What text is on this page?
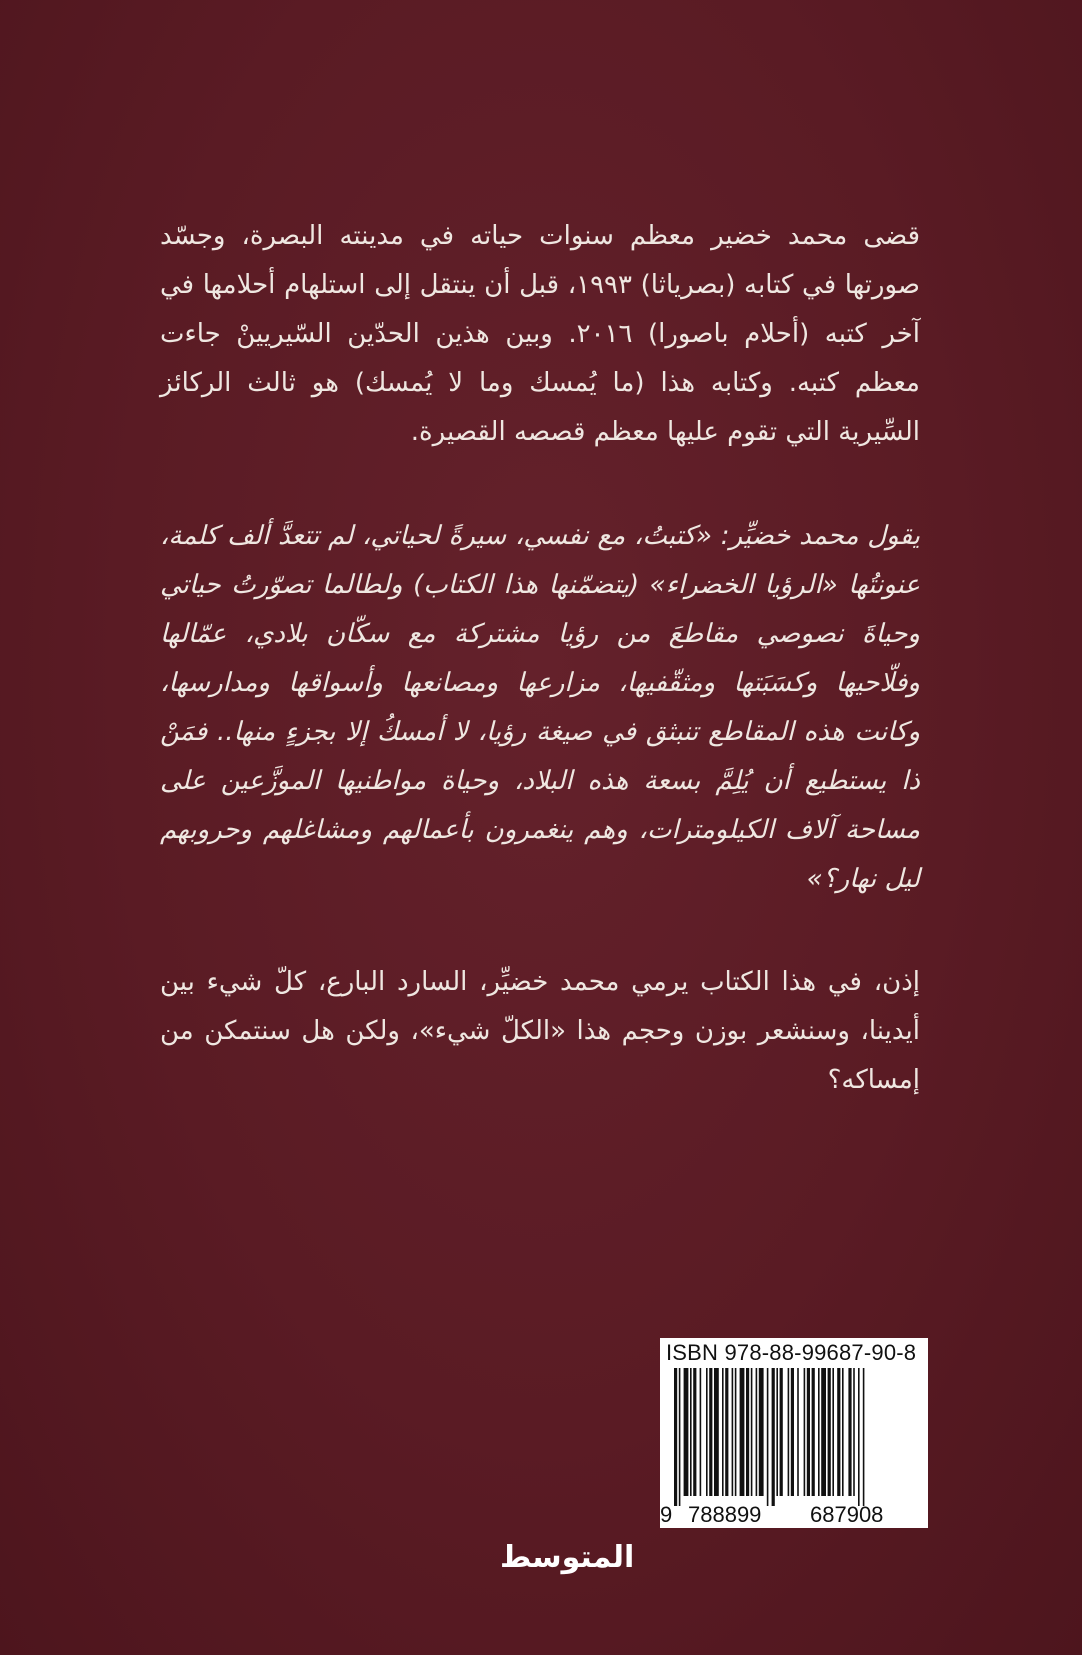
قضى محمد خضير معظم سنوات حياته في مدينته البصرة، وجسّد صورتها في كتابه (بصرياثا) ١٩٩٣، قبل أن ينتقل إلى استلهام أحلامها في آخر كتبه (أحلام باصورا) ٢٠١٦. وبين هذين الحدّين السّيريينْ جاءت معظم كتبه. وكتابه هذا (ما يُمسك وما لا يُمسك) هو ثالث الركائز السِّيرية التي تقوم عليها معظم قصصه القصيرة.

يقول محمد خضيِّر: «كتبتُ، مع نفسي، سيرةً لحياتي، لم تتعدَّ ألف كلمة، عنونتُها «الرؤيا الخضراء» (يتضمّنها هذا الكتاب) ولطالما تصوّرتُ حياتي وحياةَ نصوصي مقاطعَ من رؤيا مشتركة مع سكّان بلادي، عمّالها وفلّاحيها وكسَبَتها ومثقّفيها، مزارعها ومصانعها وأسواقها ومدارسها، وكانت هذه المقاطع تنبثق في صيغة رؤيا، لا أمسكُ إلا بجزءٍ منها.. فمَنْ ذا يستطيع أن يُلِمَّ بسعة هذه البلاد، وحياة مواطنيها الموزَّعين على مساحة آلاف الكيلومترات، وهم ينغمرون بأعمالهم ومشاغلهم وحروبهم ليل نهار؟»

إذن، في هذا الكتاب يرمي محمد خضيِّر، السارد البارع، كلّ شيء بين أيدينا، وسنشعر بوزن وحجم هذا «الكلّ شيء»، ولكن هل سنتمكن من إمساكه؟

ISBN 978-88-99687-90-8
9 788899 687908
المتوسط
